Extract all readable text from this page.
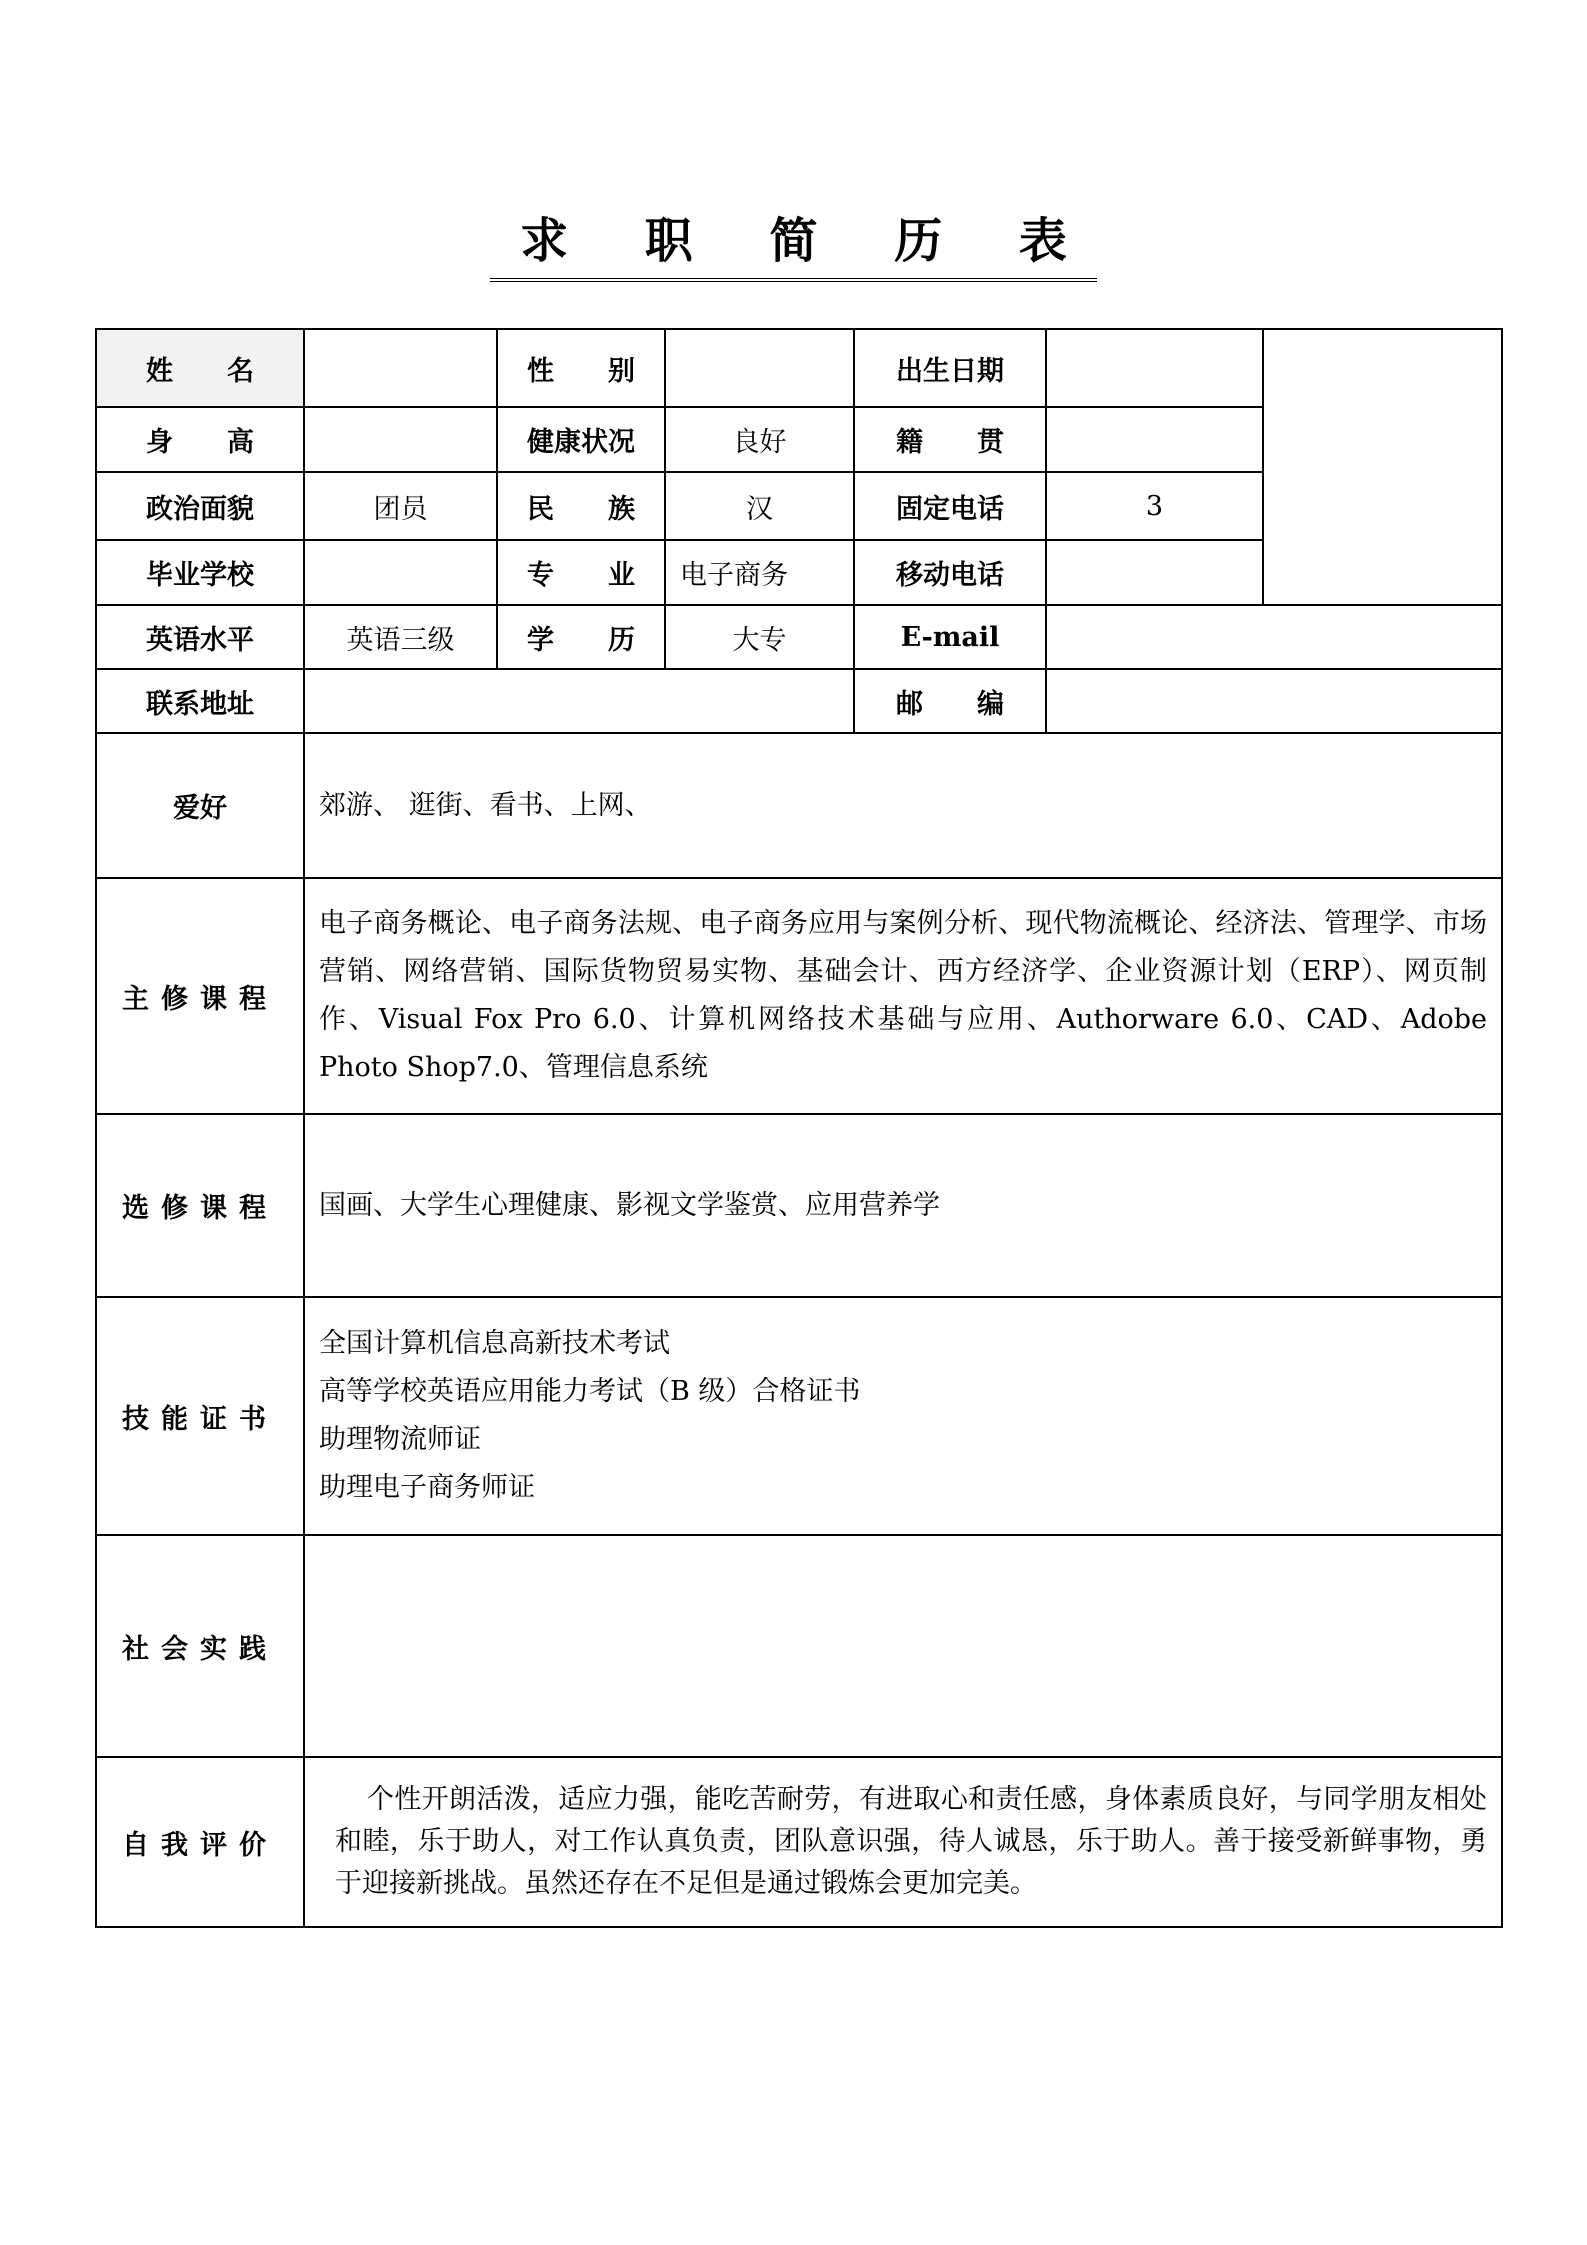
求 职 简 历 表
姓　　名		性　　别		出生日期		
身　　高		健康状况	良好	籍　　贯		
政治面貌	团员	民　　族	汉	固定电话	3	
毕业学校		专　　业	电子商务	移动电话		
英语水平	英语三级	学　　历	大专	E-mail		
联系地址				邮　　编		
爱好	郊游、 逛街、看书、上网、					
主修课程	电子商务概论、电子商务法规、电子商务应用与案例分析、现代物流概论、经济法、管理学、市场营销、网络营销、国际货物贸易实物、基础会计、西方经济学、企业资源计划（ERP）、网页制作、Visual Fox Pro 6.0、计算机网络技术基础与应用、Authorware 6.0、CAD、Adobe Photo Shop7.0、管理信息系统					
选修课程	国画、大学生心理健康、影视文学鉴赏、应用营养学					
技能证书	全国计算机信息高新技术考试
高等学校英语应用能力考试（B 级）合格证书
助理物流师证
助理电子商务师证					

社会实践						
自我评价	个性开朗活泼，适应力强，能吃苦耐劳，有进取心和责任感，身体素质良好，与同学朋友相处和睦，乐于助人，对工作认真负责，团队意识强，待人诚恳，乐于助人。善于接受新鲜事物，勇于迎接新挑战。虽然还存在不足但是通过锻炼会更加完美。					
